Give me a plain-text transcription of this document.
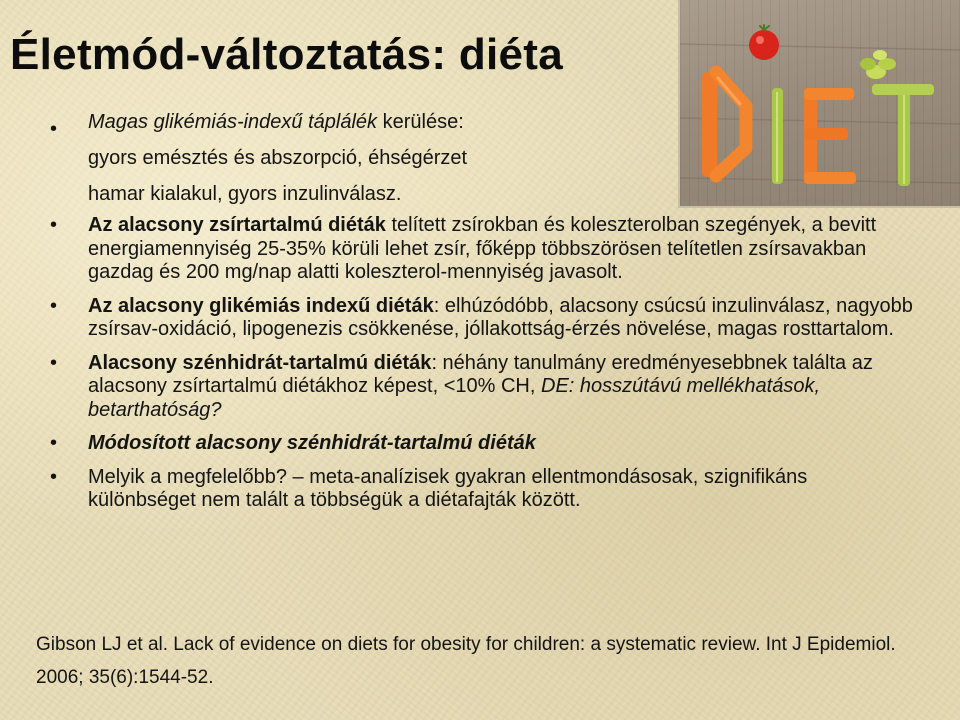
Életmód-változtatás: diéta
• Magas glikémiás-indexű táplálék kerülése:
gyors emésztés és abszorpció, éhségérzet
hamar kialakul, gyors inzulinválasz.
• Az alacsony zsírtartalmú diéták telített zsírokban és koleszterolban szegények, a bevitt energiamennyiség 25-35% körüli lehet zsír, főképp többszörösen telítetlen zsírsavakban gazdag és 200 mg/nap alatti koleszterol-mennyiség javasolt.
• Az alacsony glikémiás indexű diéták: elhúzódóbb, alacsony csúcsú inzulinválasz, nagyobb zsírsav-oxidáció, lipogenezis csökkenése, jóllakottság-érzés növelése, magas rosttartalom.
• Alacsony szénhidrát-tartalmú diéták: néhány tanulmány eredményesebbnek találta az alacsony zsírtartalmú diétákhoz képest, <10% CH, DE: hosszútávú mellékhatások, betarthatóság?
• Módosított alacsony szénhidrát-tartalmú diéták
• Melyik a megfelelőbb? – meta-analízisek gyakran ellentmondásosak, szignifikáns különbséget nem talált a többségük a diétafajták között.

Gibson LJ et al. Lack of evidence on diets for obesity for children: a systematic review. Int J Epidemiol. 2006; 35(6):1544-52.
